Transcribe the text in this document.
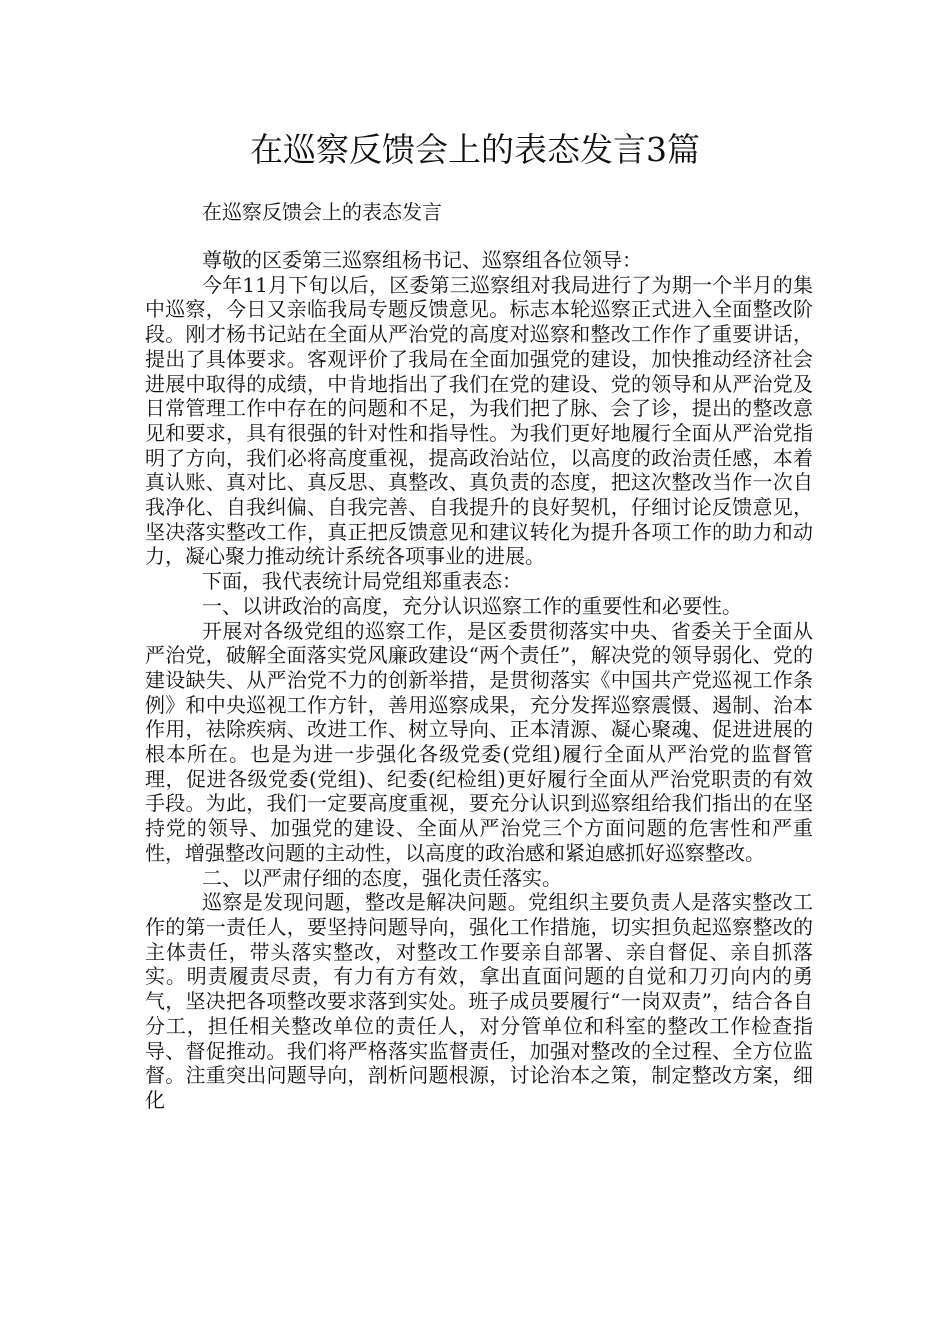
在巡察反馈会上的表态发言3篇

在巡察反馈会上的表态发言

尊敬的区委第三巡察组杨书记、巡察组各位领导：

今年11月下旬以后，区委第三巡察组对我局进行了为期一个半月的集中巡察，今日又亲临我局专题反馈意见。标志本轮巡察正式进入全面整改阶段。刚才杨书记站在全面从严治党的高度对巡察和整改工作作了重要讲话，提出了具体要求。客观评价了我局在全面加强党的建设，加快推动经济社会进展中取得的成绩，中肯地指出了我们在党的建设、党的领导和从严治党及日常管理工作中存在的问题和不足，为我们把了脉、会了诊，提出的整改意见和要求，具有很强的针对性和指导性。为我们更好地履行全面从严治党指明了方向，我们必将高度重视，提高政治站位，以高度的政治责任感，本着真认账、真对比、真反思、真整改、真负责的态度，把这次整改当作一次自我净化、自我纠偏、自我完善、自我提升的良好契机，仔细讨论反馈意见，坚决落实整改工作，真正把反馈意见和建议转化为提升各项工作的助力和动力，凝心聚力推动统计系统各项事业的进展。

下面，我代表统计局党组郑重表态：

一、以讲政治的高度，充分认识巡察工作的重要性和必要性。

开展对各级党组的巡察工作，是区委贯彻落实中央、省委关于全面从严治党，破解全面落实党风廉政建设“两个责任”，解决党的领导弱化、党的建设缺失、从严治党不力的创新举措，是贯彻落实《中国共产党巡视工作条例》和中央巡视工作方针，善用巡察成果，充分发挥巡察震慑、遏制、治本作用，祛除疾病、改进工作、树立导向、正本清源、凝心聚魂、促进进展的根本所在。也是为进一步强化各级党委(党组)履行全面从严治党的监督管理，促进各级党委(党组)、纪委(纪检组)更好履行全面从严治党职责的有效手段。为此，我们一定要高度重视，要充分认识到巡察组给我们指出的在坚持党的领导、加强党的建设、全面从严治党三个方面问题的危害性和严重性，增强整改问题的主动性，以高度的政治感和紧迫感抓好巡察整改。

二、以严肃仔细的态度，强化责任落实。

巡察是发现问题，整改是解决问题。党组织主要负责人是落实整改工作的第一责任人，要坚持问题导向，强化工作措施，切实担负起巡察整改的主体责任，带头落实整改，对整改工作要亲自部署、亲自督促、亲自抓落实。明责履责尽责，有力有方有效，拿出直面问题的自觉和刀刃向内的勇气，坚决把各项整改要求落到实处。班子成员要履行“一岗双责”，结合各自分工，担任相关整改单位的责任人，对分管单位和科室的整改工作检查指导、督促推动。我们将严格落实监督责任，加强对整改的全过程、全方位监督。注重突出问题导向，剖析问题根源，讨论治本之策，制定整改方案，细化
